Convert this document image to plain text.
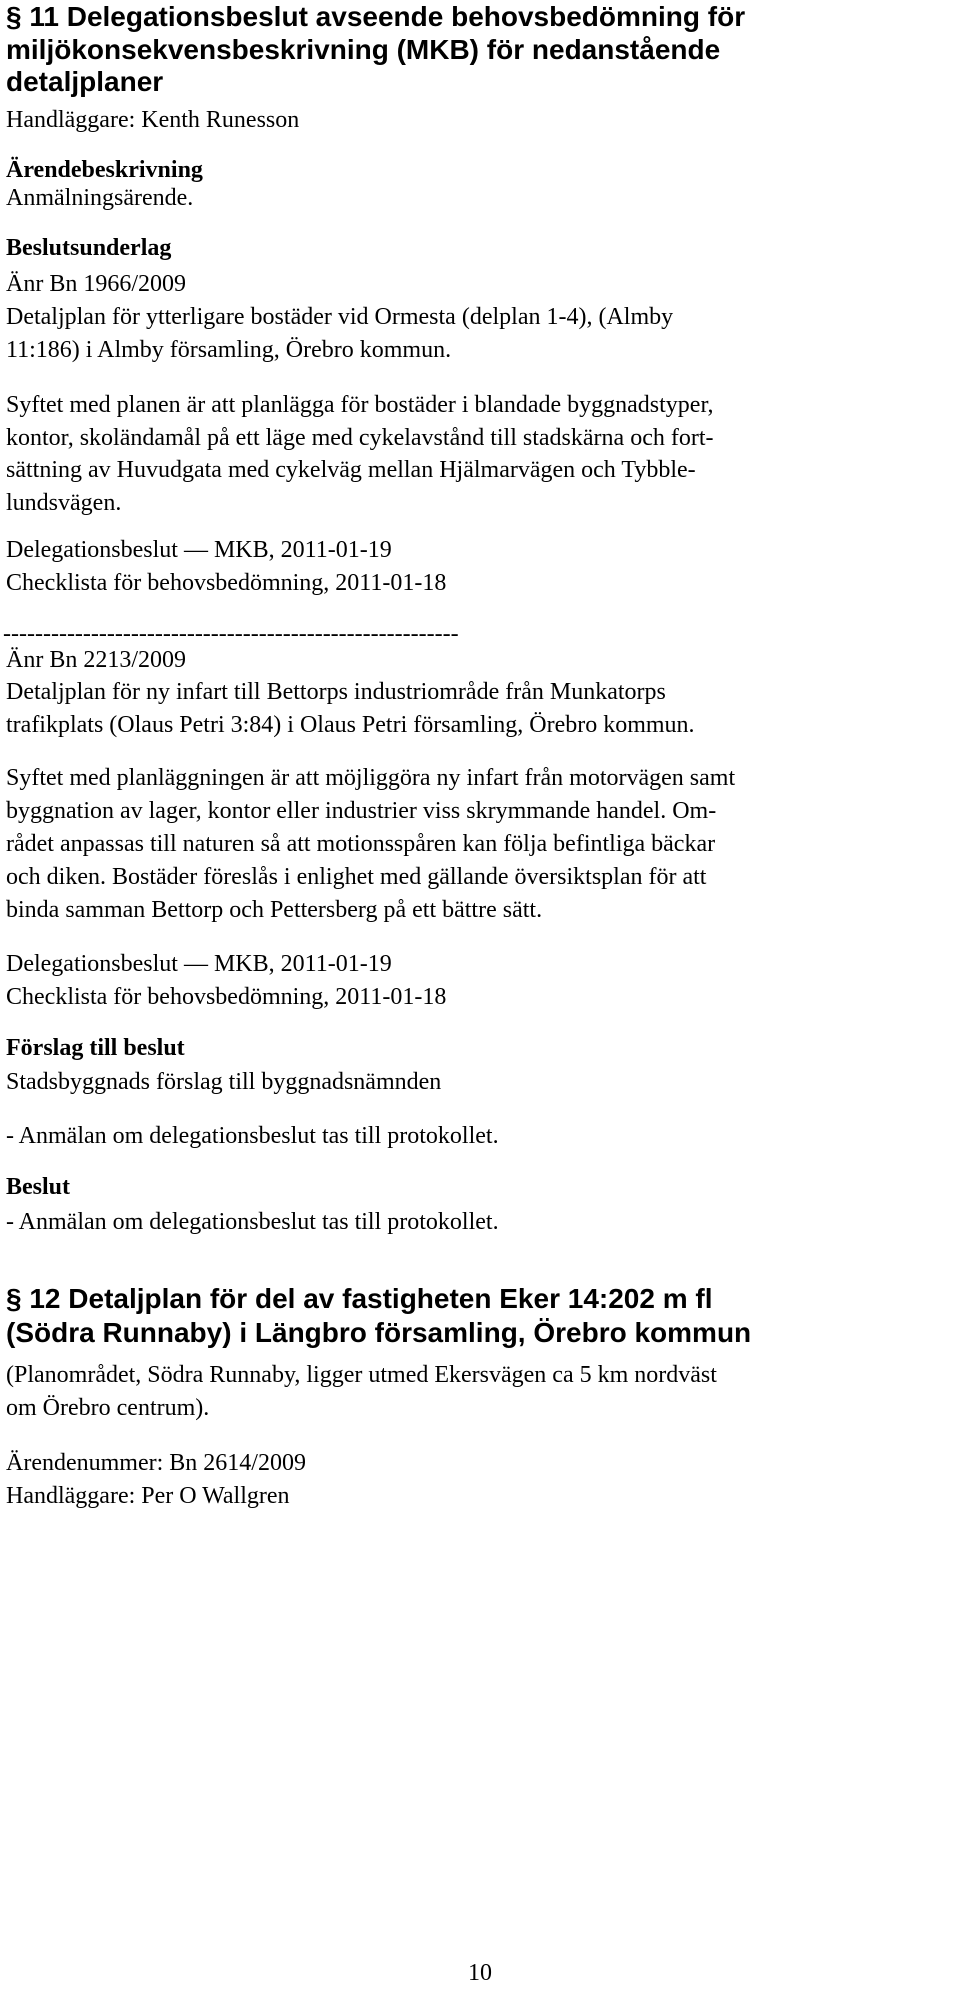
§ 11 Delegationsbeslut avseende behovsbedömning för
miljökonsekvensbeskrivning (MKB) för nedanstående
detaljplaner
Handläggare: Kenth Runesson
Ärendebeskrivning
Anmälningsärende.
Beslutsunderlag
Änr Bn 1966/2009
Detaljplan för ytterligare bostäder vid Ormesta (delplan 1-4), (Almby
11:186) i Almby församling, Örebro kommun.
Syftet med planen är att planlägga för bostäder i blandade byggnadstyper,
kontor, skoländamål på ett läge med cykelavstånd till stadskärna och fort-
sättning av Huvudgata med cykelväg mellan Hjälmarvägen och Tybble-
lundsvägen.
Delegationsbeslut — MKB, 2011-01-19
Checklista för behovsbedömning, 2011-01-18
---------------------------------------------------------
Änr Bn 2213/2009
Detaljplan för ny infart till Bettorps industriområde från Munkatorps
trafikplats (Olaus Petri 3:84) i Olaus Petri församling, Örebro kommun.
Syftet med planläggningen är att möjliggöra ny infart från motorvägen samt
byggnation av lager, kontor eller industrier viss skrymmande handel. Om-
rådet anpassas till naturen så att motionsspåren kan följa befintliga bäckar
och diken. Bostäder föreslås i enlighet med gällande översiktsplan för att
binda samman Bettorp och Pettersberg på ett bättre sätt.
Delegationsbeslut — MKB, 2011-01-19
Checklista för behovsbedömning, 2011-01-18
Förslag till beslut
Stadsbyggnads förslag till byggnadsnämnden
- Anmälan om delegationsbeslut tas till protokollet.
Beslut
- Anmälan om delegationsbeslut tas till protokollet.
§ 12 Detaljplan för del av fastigheten Eker 14:202 m fl
(Södra Runnaby) i Längbro församling, Örebro kommun
(Planområdet, Södra Runnaby, ligger utmed Ekersvägen ca 5 km nordväst
om Örebro centrum).
Ärendenummer: Bn 2614/2009
Handläggare: Per O Wallgren
10
